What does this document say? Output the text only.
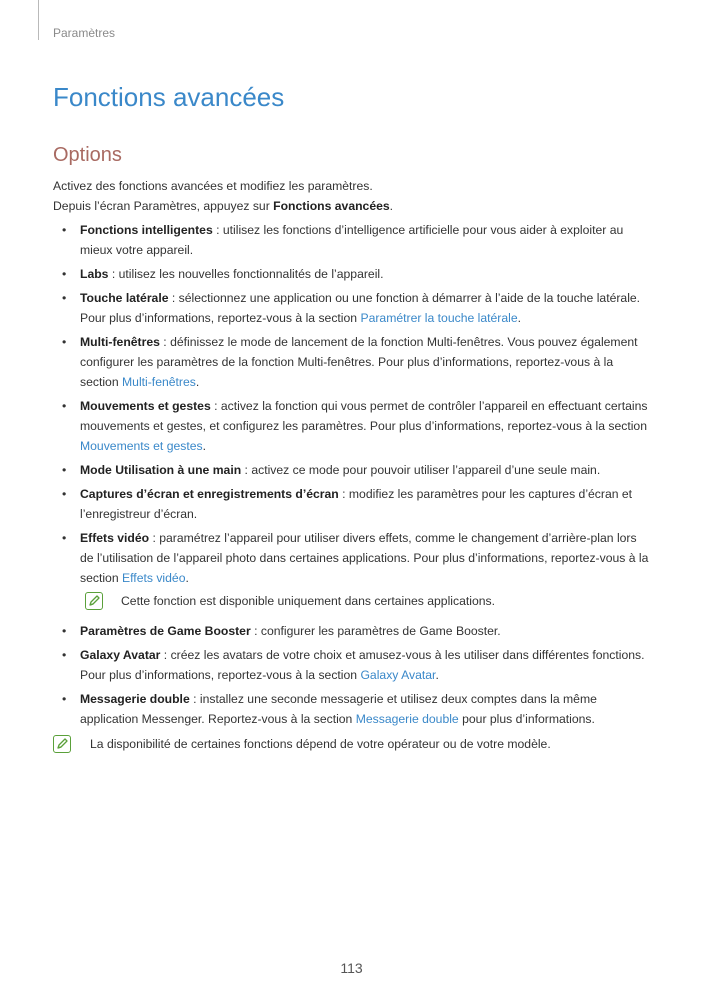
Paramètres
Fonctions avancées
Options

Activez des fonctions avancées et modifiez les paramètres.

Depuis l’écran Paramètres, appuyez sur Fonctions avancées.

• Fonctions intelligentes : utilisez les fonctions d’intelligence artificielle pour vous aider à exploiter au mieux votre appareil.
• Labs : utilisez les nouvelles fonctionnalités de l’appareil.
• Touche latérale : sélectionnez une application ou une fonction à démarrer à l’aide de la touche latérale. Pour plus d’informations, reportez-vous à la section Paramétrer la touche latérale.
• Multi-fenêtres : définissez le mode de lancement de la fonction Multi-fenêtres. Vous pouvez également configurer les paramètres de la fonction Multi-fenêtres. Pour plus d’informations, reportez-vous à la section Multi-fenêtres.
• Mouvements et gestes : activez la fonction qui vous permet de contrôler l’appareil en effectuant certains mouvements et gestes, et configurez les paramètres. Pour plus d’informations, reportez-vous à la section Mouvements et gestes.
• Mode Utilisation à une main : activez ce mode pour pouvoir utiliser l’appareil d’une seule main.
• Captures d’écran et enregistrements d’écran : modifiez les paramètres pour les captures d’écran et l’enregistreur d’écran.
• Effets vidéo : paramétrez l’appareil pour utiliser divers effets, comme le changement d’arrière-plan lors de l’utilisation de l’appareil photo dans certaines applications. Pour plus d’informations, reportez-vous à la section Effets vidéo.
Cette fonction est disponible uniquement dans certaines applications.
• Paramètres de Game Booster : configurer les paramètres de Game Booster.
• Galaxy Avatar : créez les avatars de votre choix et amusez-vous à les utiliser dans différentes fonctions. Pour plus d’informations, reportez-vous à la section Galaxy Avatar.
• Messagerie double : installez une seconde messagerie et utilisez deux comptes dans la même application Messenger. Reportez-vous à la section Messagerie double pour plus d’informations.
La disponibilité de certaines fonctions dépend de votre opérateur ou de votre modèle.
113
